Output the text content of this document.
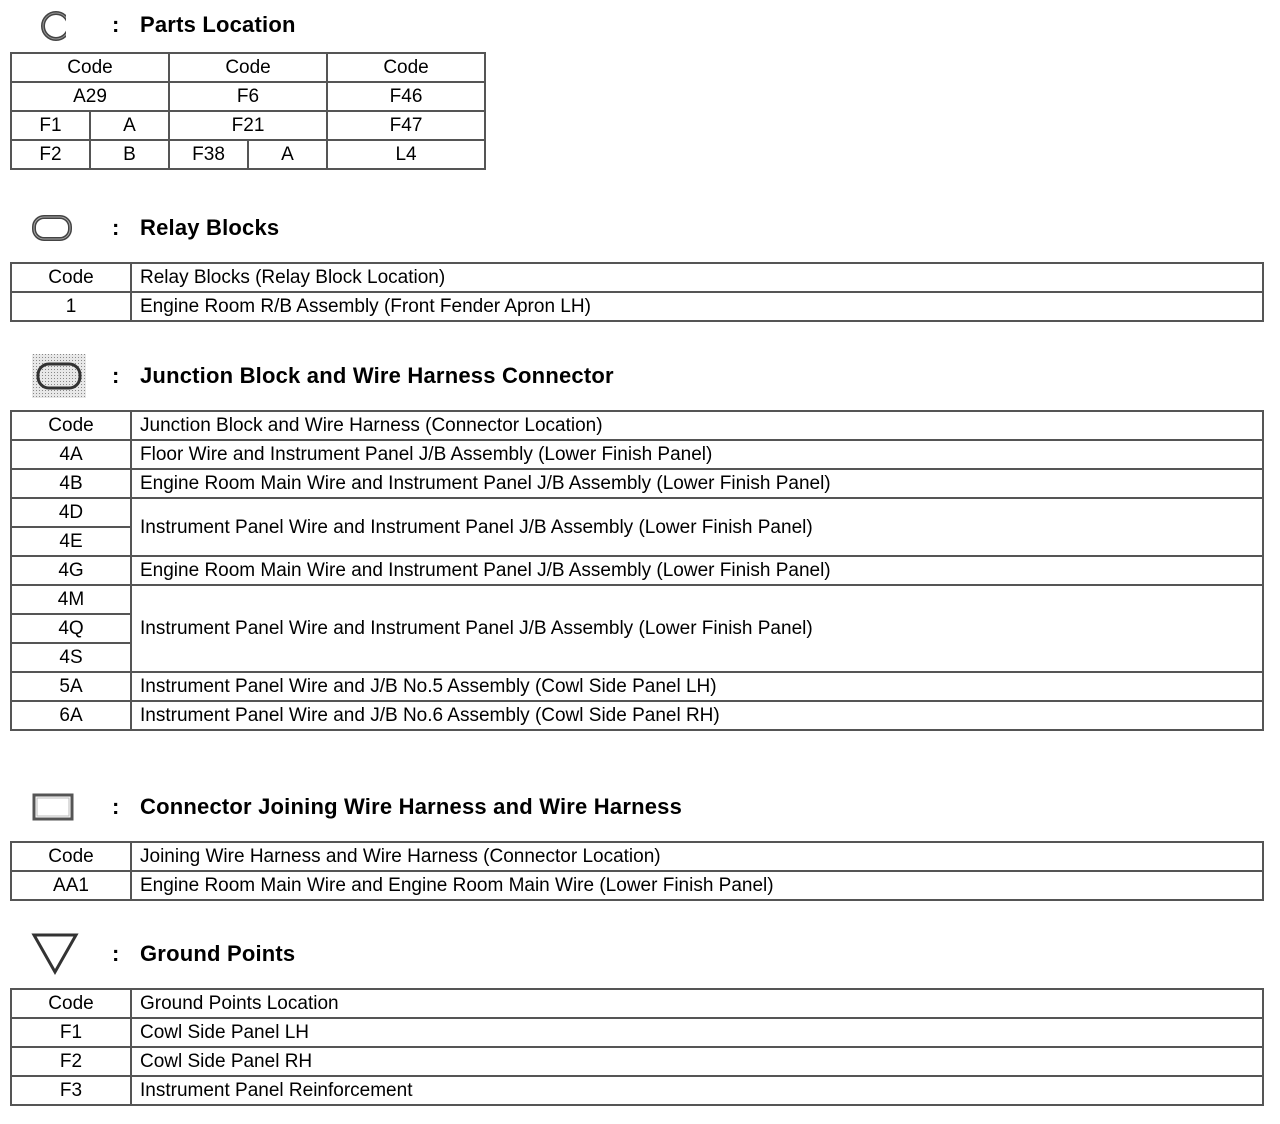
: Parts Location
Code		Code		Code
A29		F6		F46
F1	A	F21		F47
F2	B	F38	A	L4
: Relay Blocks
Code	Relay Blocks (Relay Block Location)
1	Engine Room R/B Assembly (Front Fender Apron LH)
: Junction Block and Wire Harness Connector
Code	Junction Block and Wire Harness (Connector Location)
4A	Floor Wire and Instrument Panel J/B Assembly (Lower Finish Panel)
4B	Engine Room Main Wire and Instrument Panel J/B Assembly (Lower Finish Panel)
4D	Instrument Panel Wire and Instrument Panel J/B Assembly (Lower Finish Panel)
4E	
4G	Engine Room Main Wire and Instrument Panel J/B Assembly (Lower Finish Panel)
4M	Instrument Panel Wire and Instrument Panel J/B Assembly (Lower Finish Panel)
4Q	
4S	
5A	Instrument Panel Wire and J/B No.5 Assembly (Cowl Side Panel LH)
6A	Instrument Panel Wire and J/B No.6 Assembly (Cowl Side Panel RH)
: Connector Joining Wire Harness and Wire Harness
Code	Joining Wire Harness and Wire Harness (Connector Location)
AA1	Engine Room Main Wire and Engine Room Main Wire (Lower Finish Panel)
: Ground Points
Code	Ground Points Location
F1	Cowl Side Panel LH
F2	Cowl Side Panel RH
F3	Instrument Panel Reinforcement
